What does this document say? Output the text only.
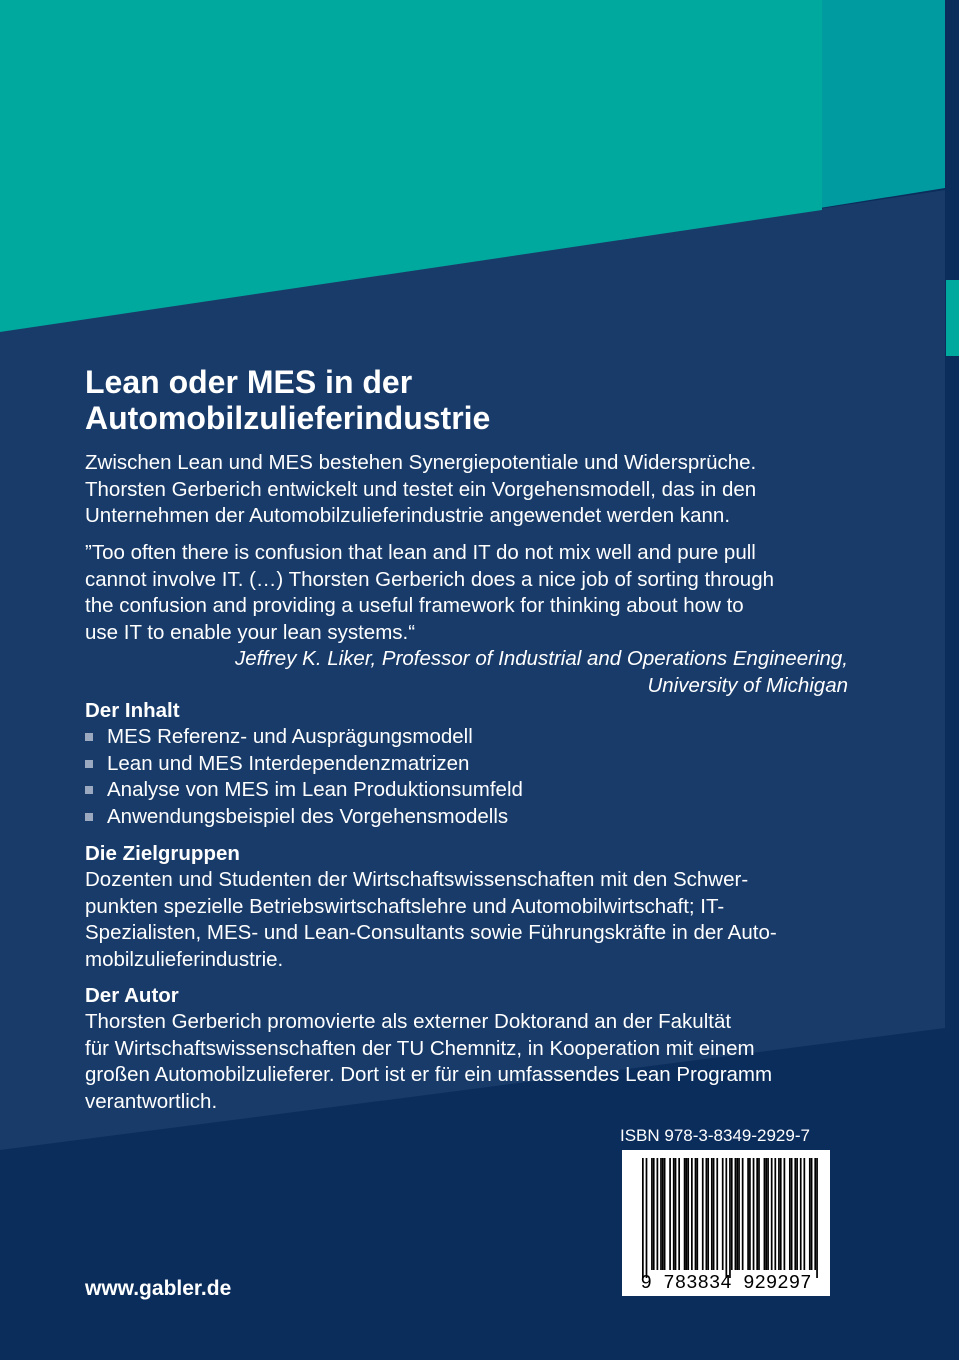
Lean oder MES in der
Automobilzulieferindustrie
Zwischen Lean und MES bestehen Synergiepotentiale und Widersprüche.
Thorsten Gerberich entwickelt und testet ein Vorgehensmodell, das in den
Unternehmen der Automobilzulieferindustrie angewendet werden kann.
”Too often there is confusion that lean and IT do not mix well and pure pull
cannot involve IT. (…) Thorsten Gerberich does a nice job of sorting through
the confusion and providing a useful framework for thinking about how to
use IT to enable your lean systems.“
Jeffrey K. Liker, Professor of Industrial and Operations Engineering,
University of Michigan
Der Inhalt
MES Referenz- und Ausprägungsmodell
Lean und MES Interdependenzmatrizen
Analyse von MES im Lean Produktionsumfeld
Anwendungsbeispiel des Vorgehensmodells
Die Zielgruppen
Dozenten und Studenten der Wirtschaftswissenschaften mit den Schwer-
punkten spezielle Betriebswirtschaftslehre und Automobilwirtschaft; IT-
Spezialisten, MES- und Lean-Consultants sowie Führungskräfte in der Auto-
mobilzulieferindustrie.
Der Autor
Thorsten Gerberich promovierte als externer Doktorand an der Fakultät
für Wirtschaftswissenschaften der TU Chemnitz, in Kooperation mit einem
großen Automobilzulieferer. Dort ist er für ein umfassendes Lean Programm
verantwortlich.
ISBN 978-3-8349-2929-7
9 783834 929297
www.gabler.de
